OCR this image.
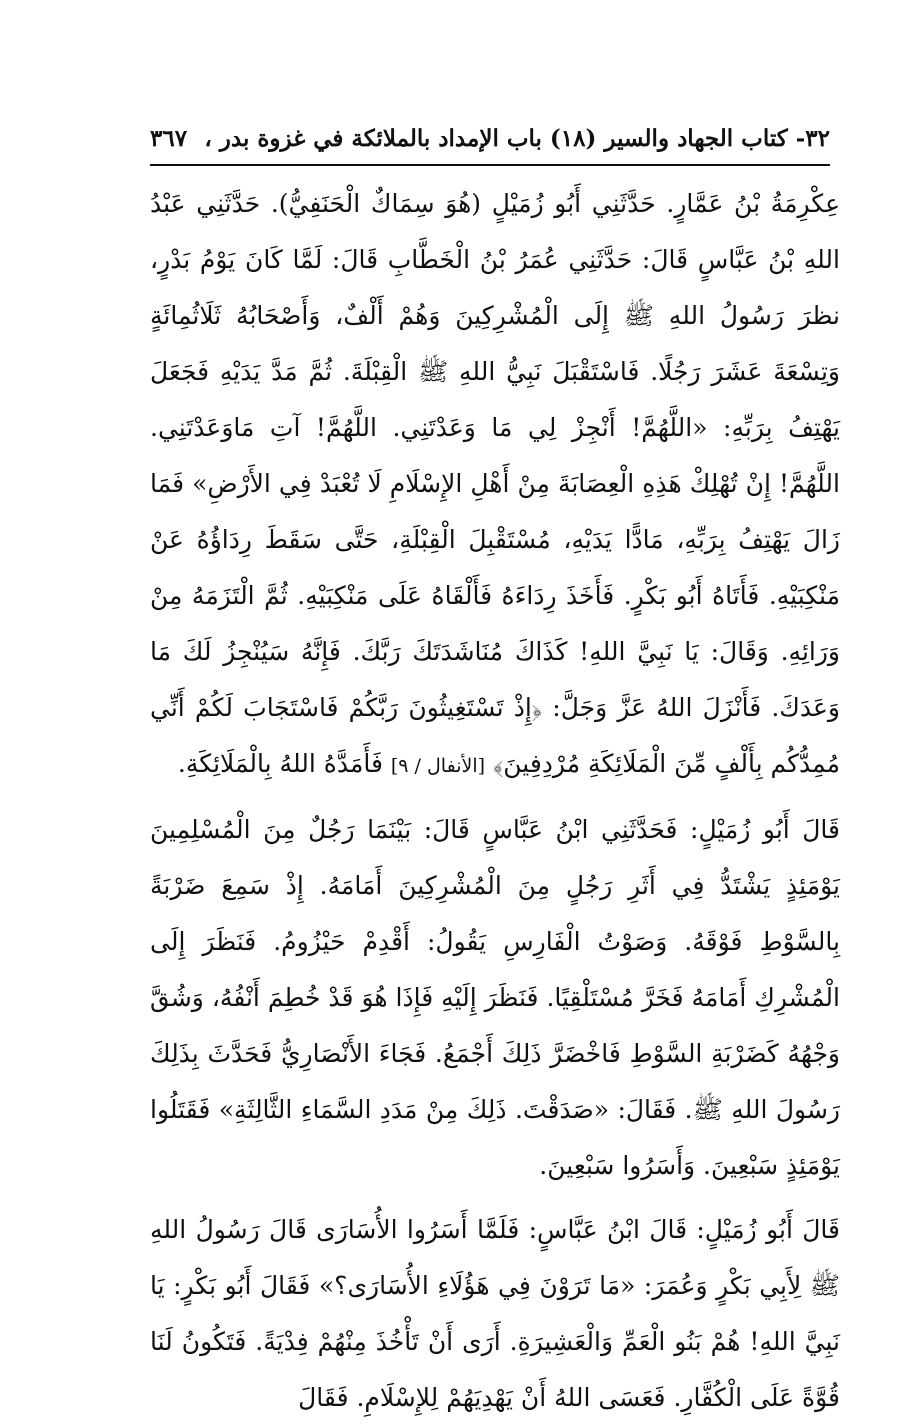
٣٢- كتاب الجهاد والسير (١٨) باب الإمداد بالملائكة في غزوة بدر ،
٣٦٧

عِكْرِمَةُ بْنُ عَمَّارٍ. حَدَّثَنِي أَبُو زُمَيْلٍ (هُوَ سِمَاكٌ الْحَنَفِيُّ). حَدَّثَنِي عَبْدُ اللهِ بْنُ عَبَّاسٍ قَالَ: حَدَّثَنِي عُمَرُ بْنُ الْخَطَّابِ قَالَ: لَمَّا كَانَ يَوْمُ بَدْرٍ، نظرَ رَسُولُ اللهِ ﷺ إِلَى الْمُشْرِكِينَ وَهُمْ أَلْفٌ، وَأَصْحَابُهُ ثَلَاثُمِائَةٍ وَتِسْعَةَ عَشَرَ رَجُلًا. فَاسْتَقْبَلَ نَبِيُّ اللهِ ﷺ الْقِبْلَةَ. ثُمَّ مَدَّ يَدَيْهِ فَجَعَلَ يَهْتِفُ بِرَبِّهِ: «اللَّهُمَّ! أَنْجِزْ لِي مَا وَعَدْتَنِي. اللَّهُمَّ! آتِ مَاوَعَدْتَنِي. اللَّهُمَّ! إِنْ تُهْلِكْ هَذِهِ الْعِصَابَةَ مِنْ أَهْلِ الإِسْلَامِ لَا تُعْبَدْ فِي الأَرْضِ» فَمَا زَالَ يَهْتِفُ بِرَبِّهِ، مَادًّا يَدَيْهِ، مُسْتَقْبِلَ الْقِبْلَةِ، حَتَّى سَقَطَ رِدَاؤُهُ عَنْ مَنْكِبَيْهِ. فَأَتَاهُ أَبُو بَكْرٍ. فَأَخَذَ رِدَاءَهُ فَأَلْقَاهُ عَلَى مَنْكِبَيْهِ. ثُمَّ الْتَزَمَهُ مِنْ وَرَائِهِ. وَقَالَ: يَا نَبِيَّ اللهِ! كَذَاكَ مُنَاشَدَتَكَ رَبَّكَ. فَإِنَّهُ سَيُنْجِزُ لَكَ مَا وَعَدَكَ. فَأَنْزَلَ اللهُ عَزَّ وَجَلَّ: ﴿إِذْ تَسْتَغِيثُونَ رَبَّكُمْ فَاسْتَجَابَ لَكُمْ أَنِّي مُمِدُّكُم بِأَلْفٍ مِّنَ الْمَلَائِكَةِ مُرْدِفِينَ﴾ [الأنفال / ٩] فَأَمَدَّهُ اللهُ بِالْمَلَائِكَةِ.

قَالَ أَبُو زُمَيْلٍ: فَحَدَّثَنِي ابْنُ عَبَّاسٍ قَالَ: بَيْنَمَا رَجُلٌ مِنَ الْمُسْلِمِينَ يَوْمَئِذٍ يَشْتَدُّ فِي أَثَرِ رَجُلٍ مِنَ الْمُشْرِكِينَ أَمَامَهُ. إِذْ سَمِعَ ضَرْبَةً بِالسَّوْطِ فَوْقَهُ. وَصَوْتُ الْفَارِسِ يَقُولُ: أَقْدِمْ حَيْزُومُ. فَنَظَرَ إِلَى الْمُشْرِكِ أَمَامَهُ فَخَرَّ مُسْتَلْقِيًا. فَنَظَرَ إِلَيْهِ فَإِذَا هُوَ قَدْ خُطِمَ أَنْفُهُ، وَشُقَّ وَجْهُهُ كَضَرْبَةِ السَّوْطِ فَاخْضَرَّ ذَلِكَ أَجْمَعُ. فَجَاءَ الأَنْصَارِيُّ فَحَدَّثَ بِذَلِكَ رَسُولَ اللهِ ﷺ. فَقَالَ: «صَدَقْتَ. ذَلِكَ مِنْ مَدَدِ السَّمَاءِ الثَّالِثَةِ» فَقَتَلُوا يَوْمَئِذٍ سَبْعِينَ. وَأَسَرُوا سَبْعِينَ.

قَالَ أَبُو زُمَيْلٍ: قَالَ ابْنُ عَبَّاسٍ: فَلَمَّا أَسَرُوا الأُسَارَى قَالَ رَسُولُ اللهِ ﷺ لِأَبِي بَكْرٍ وَعُمَرَ: «مَا تَرَوْنَ فِي هَؤُلَاءِ الأُسَارَى؟» فَقَالَ أَبُو بَكْرٍ: يَا نَبِيَّ اللهِ! هُمْ بَنُو الْعَمِّ وَالْعَشِيرَةِ. أَرَى أَنْ تَأْخُذَ مِنْهُمْ فِدْيَةً. فَتَكُونُ لَنَا قُوَّةً عَلَى الْكُفَّارِ. فَعَسَى اللهُ أَنْ يَهْدِيَهُمْ لِلإِسْلَامِ. فَقَالَ
